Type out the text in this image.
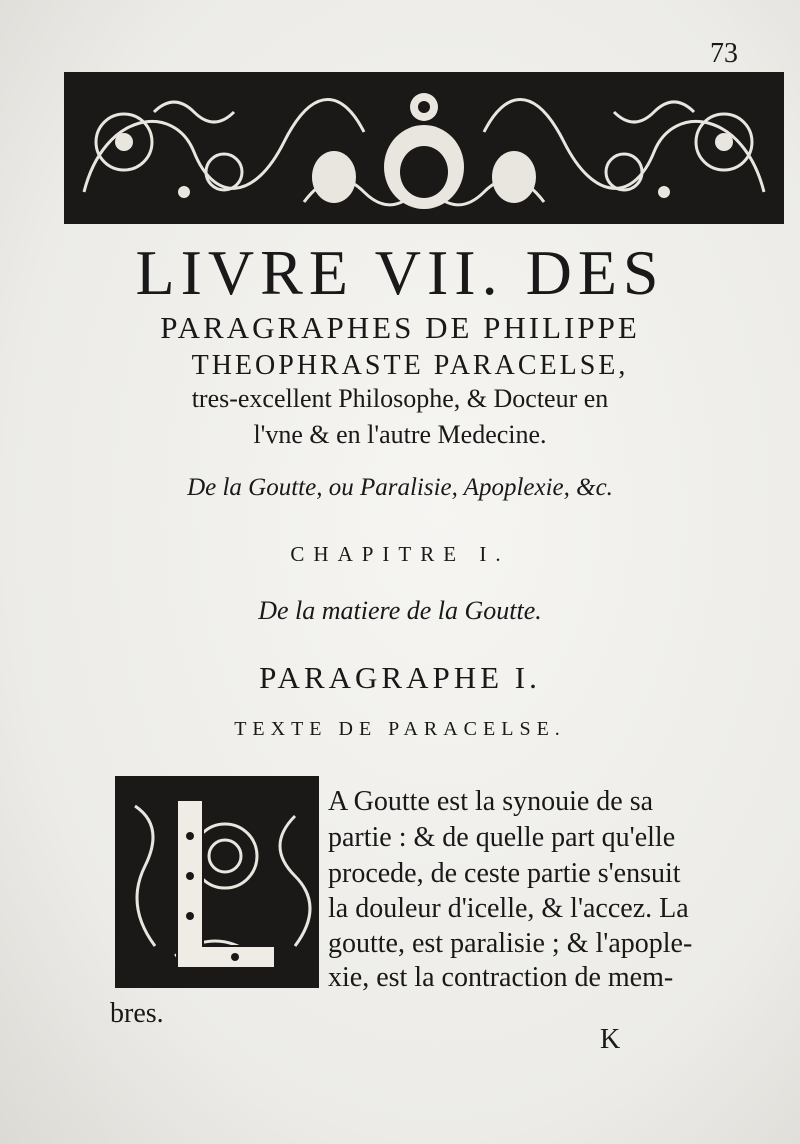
73
LIVRE VII. DES
PARAGRAPHES DE PHILIPPE
THEOPHRASTE PARACELSE,
tres-excellent Philosophe, & Docteur en
l'vne & en l'autre Medecine.
De la Goutte, ou Paralisie, Apoplexie, &c.
CHAPITRE I.
De la matiere de la Goutte.
PARAGRAPHE I.
TEXTE DE PARACELSE.
A Goutte est la synouie de sa
partie : & de quelle part qu'elle
procede, de ceste partie s'ensuit
la douleur d'icelle, & l'accez. La
goutte, est paralisie ; & l'apople-
xie, est la contraction de mem-
bres.
K
